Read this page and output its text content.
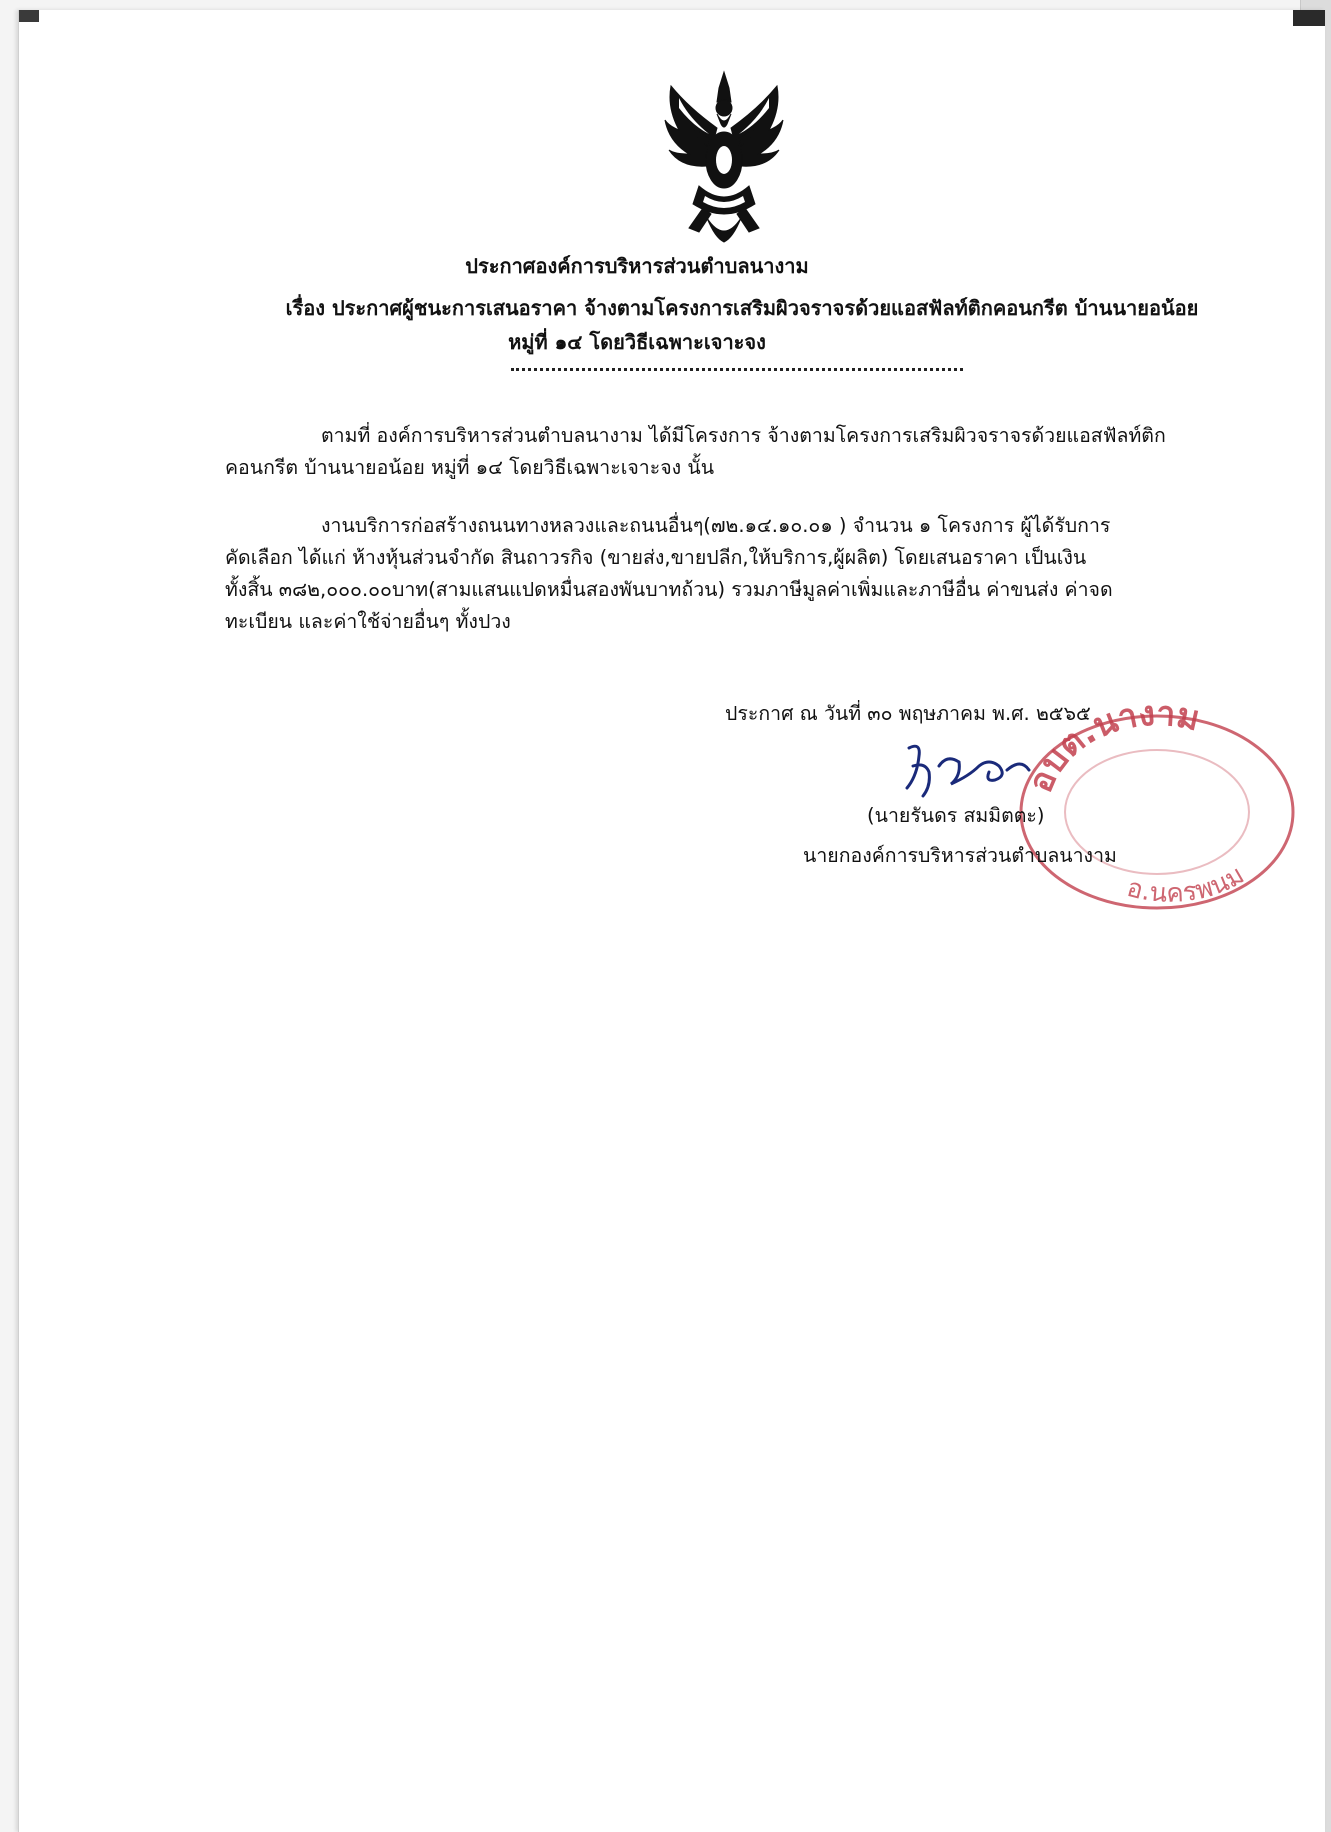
ประกาศองค์การบริหารส่วนตำบลนางาม
เรื่อง ประกาศผู้ชนะการเสนอราคา จ้างตามโครงการเสริมผิวจราจรด้วยแอสฟัลท์ติกคอนกรีต บ้านนายอน้อย
หมู่ที่ ๑๔ โดยวิธีเฉพาะเจาะจง
ตามที่ องค์การบริหารส่วนตำบลนางาม ได้มีโครงการ จ้างตามโครงการเสริมผิวจราจรด้วยแอสฟัลท์ติก
คอนกรีต บ้านนายอน้อย หมู่ที่ ๑๔ โดยวิธีเฉพาะเจาะจง นั้น
งานบริการก่อสร้างถนนทางหลวงและถนนอื่นๆ(๗๒.๑๔.๑๐.๐๑ ) จำนวน ๑ โครงการ ผู้ได้รับการ
คัดเลือก ได้แก่ ห้างหุ้นส่วนจำกัด สินถาวรกิจ (ขายส่ง,ขายปลีก,ให้บริการ,ผู้ผลิต) โดยเสนอราคา เป็นเงิน
ทั้งสิ้น ๓๘๒,๐๐๐.๐๐บาท(สามแสนแปดหมื่นสองพันบาทถ้วน) รวมภาษีมูลค่าเพิ่มและภาษีอื่น ค่าขนส่ง ค่าจด
ทะเบียน และค่าใช้จ่ายอื่นๆ ทั้งปวง
ประกาศ ณ วันที่ ๓๐ พฤษภาคม พ.ศ. ๒๕๖๕
อบต.นางาม
อ.นครพนม
(นายรันดร สมมิตตะ)
นายกองค์การบริหารส่วนตำบลนางาม
